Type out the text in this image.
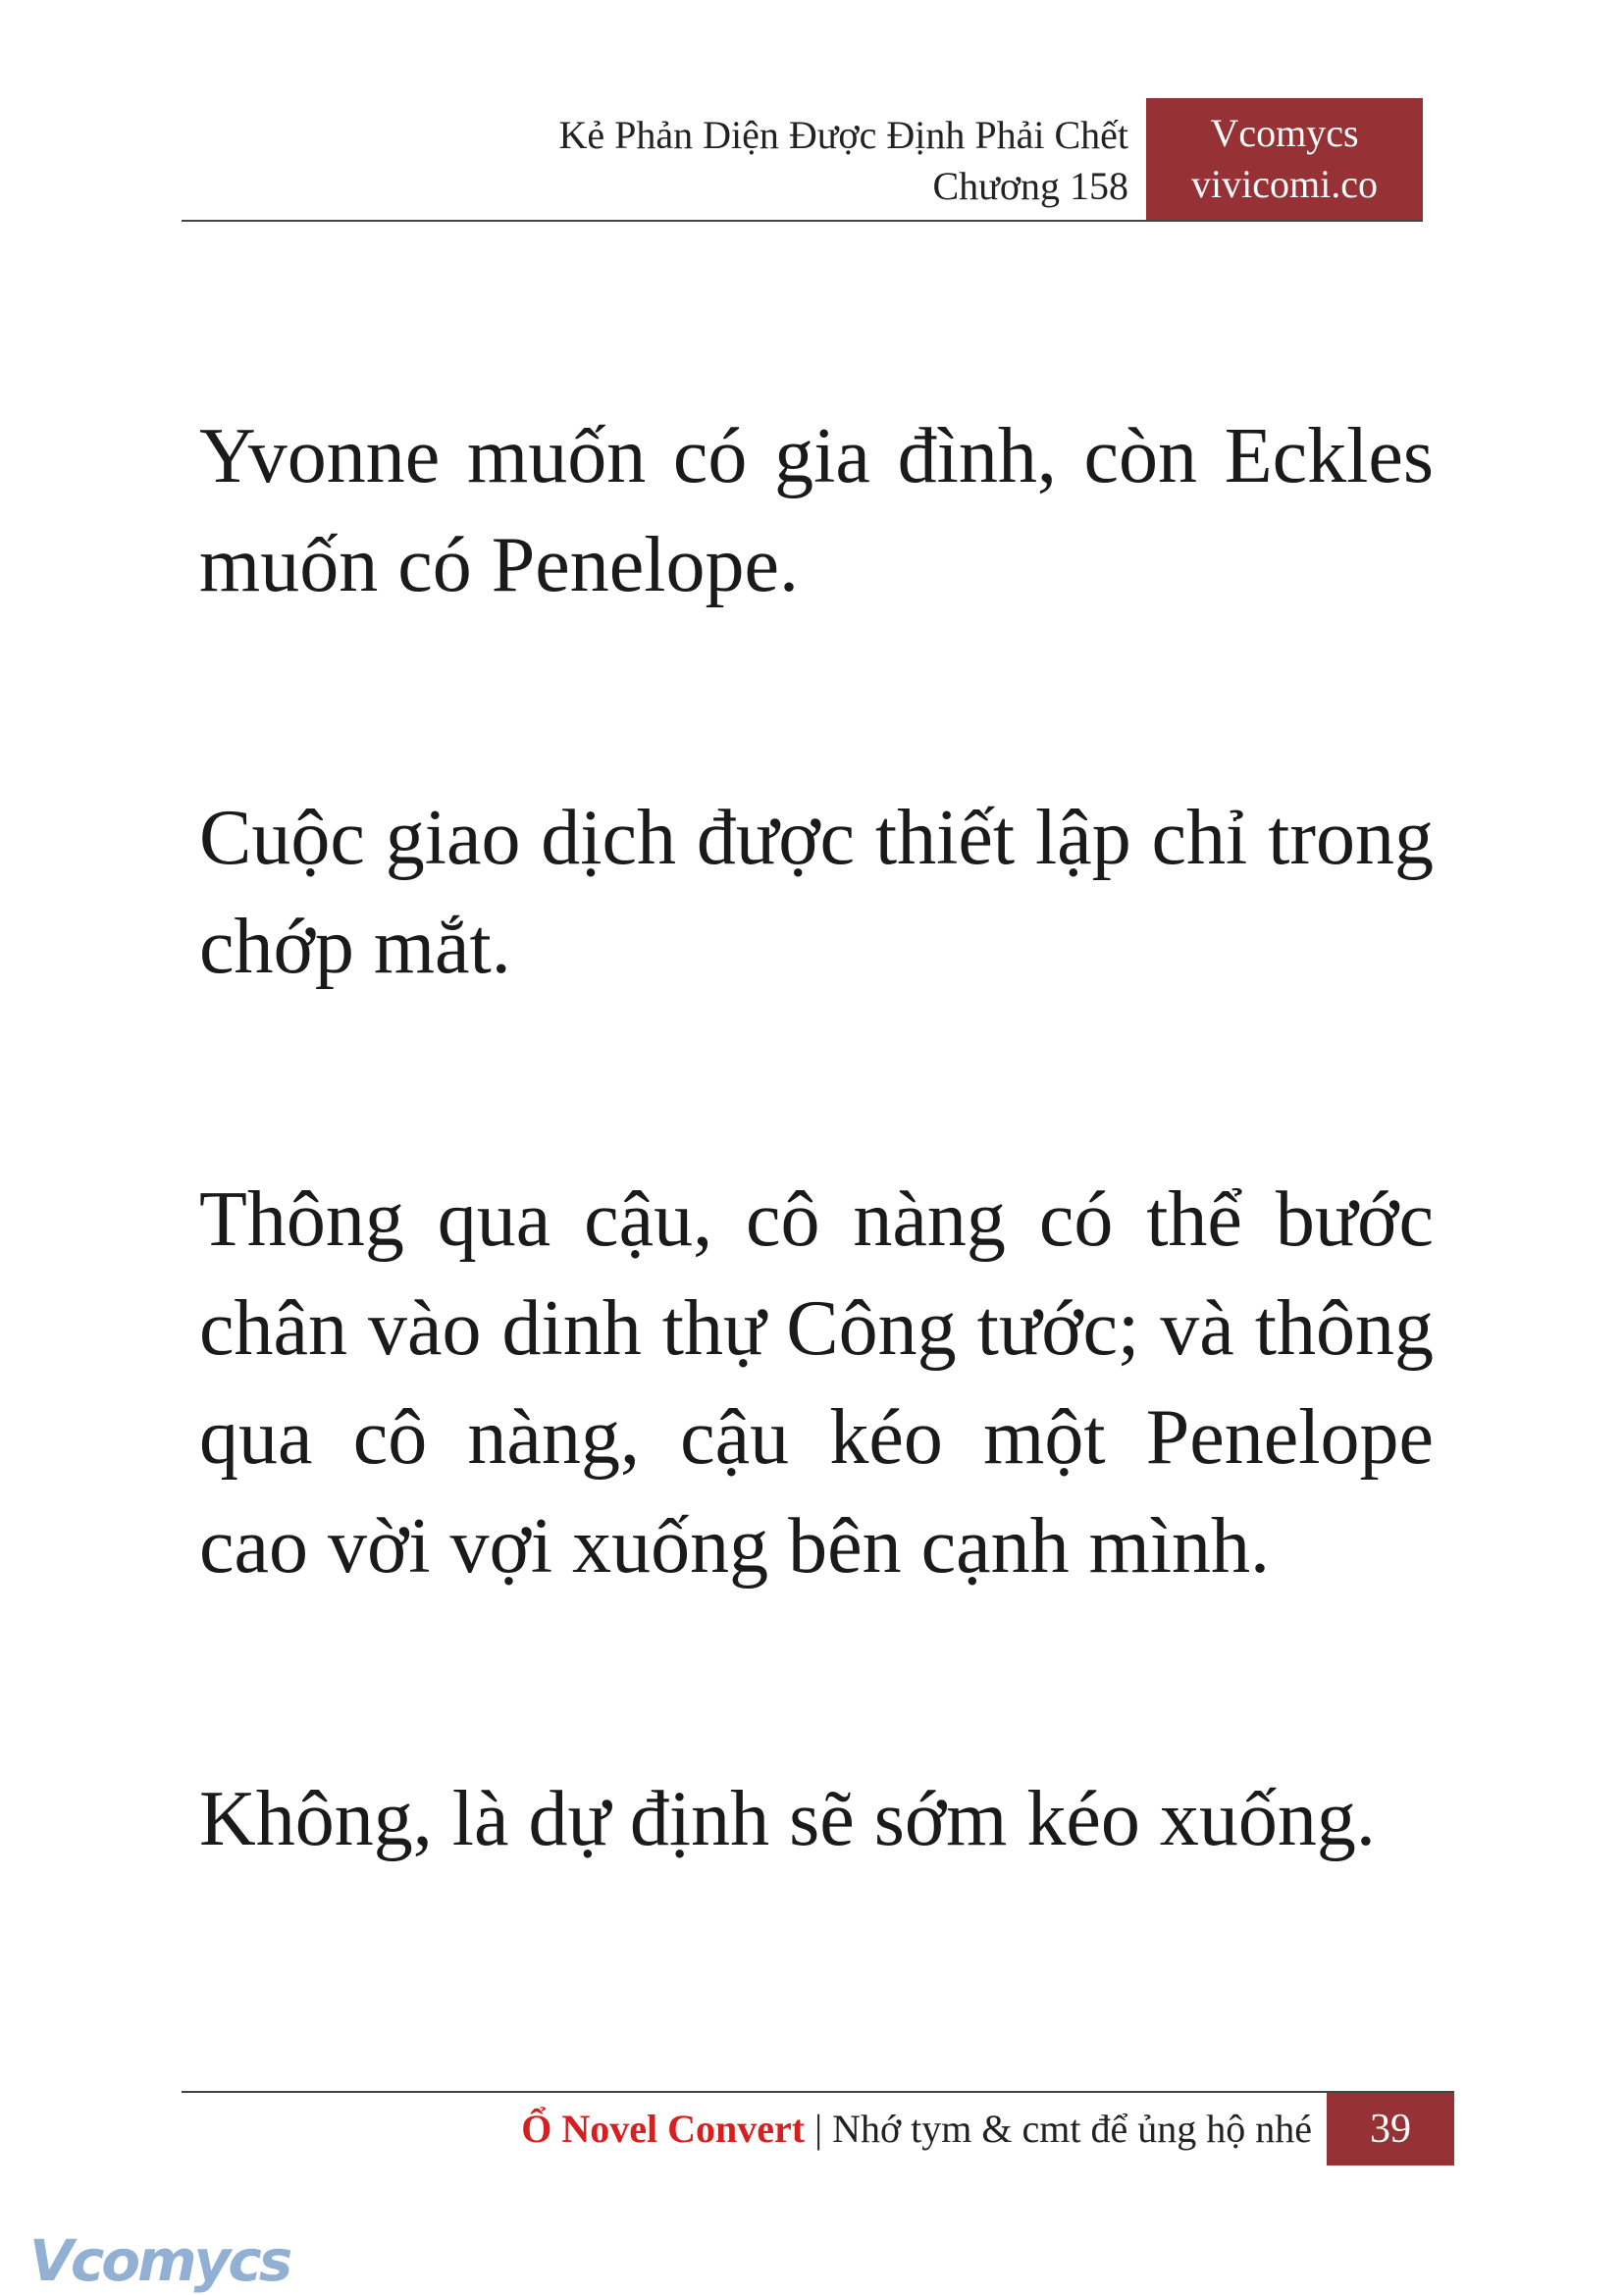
Kẻ Phản Diện Được Định Phải Chết
Chương 158
Vcomycs
vivicomi.co

Yvonne muốn có gia đình, còn Eckles muốn có Penelope.

Cuộc giao dịch được thiết lập chỉ trong chớp mắt.

Thông qua cậu, cô nàng có thể bước chân vào dinh thự Công tước; và thông qua cô nàng, cậu kéo một Penelope cao vời vợi xuống bên cạnh mình.

Không, là dự định sẽ sớm kéo xuống.

Ổ Novel Convert | Nhớ tym & cmt để ủng hộ nhé	39
Vcomycs
